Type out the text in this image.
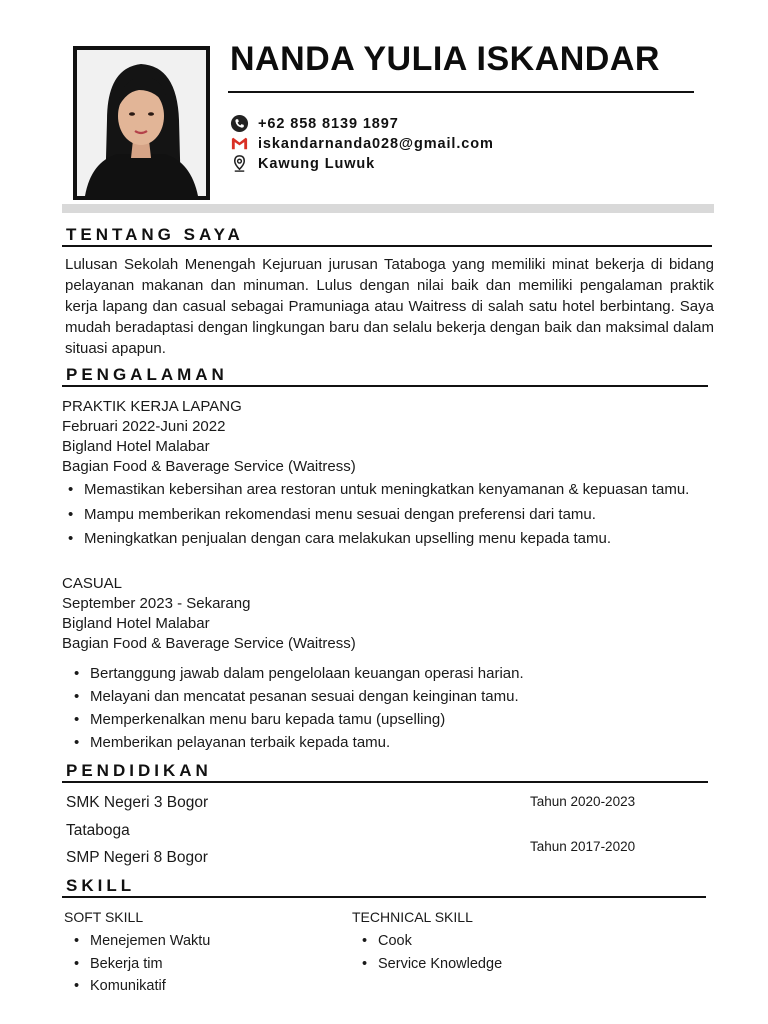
NANDA YULIA ISKANDAR
+62 858 8139 1897
iskandarnanda028@gmail.com
Kawung Luwuk
TENTANG SAYA
Lulusan Sekolah Menengah Kejuruan jurusan Tataboga yang memiliki minat bekerja di bidang pelayanan makanan dan minuman. Lulus dengan nilai baik dan memiliki pengalaman praktik kerja lapang dan casual sebagai Pramuniaga atau Waitress di salah satu hotel berbintang. Saya mudah beradaptasi dengan lingkungan baru dan selalu bekerja dengan baik dan maksimal dalam situasi apapun.
PENGALAMAN
PRAKTIK KERJA LAPANG
Februari 2022-Juni 2022
Bigland Hotel Malabar
Bagian Food & Baverage Service (Waitress)
• Memastikan kebersihan area restoran untuk meningkatkan kenyamanan & kepuasan tamu.
• Mampu memberikan rekomendasi menu sesuai dengan preferensi dari tamu.
• Meningkatkan penjualan dengan cara melakukan upselling menu kepada tamu.
CASUAL
September 2023 - Sekarang
Bigland Hotel Malabar
Bagian Food & Baverage Service (Waitress)
• Bertanggung jawab dalam pengelolaan keuangan operasi harian.
• Melayani dan mencatat pesanan sesuai dengan keinginan tamu.
• Memperkenalkan menu baru kepada tamu (upselling)
• Memberikan pelayanan terbaik kepada tamu.
PENDIDIKAN
SMK Negeri 3 Bogor	Tahun 2020-2023
Tataboga
SMP Negeri 8 Bogor
Tahun 2017-2020
SKILL
SOFT SKILL
• Menejemen Waktu
• Bekerja tim
• Komunikatif
TECHNICAL SKILL
• Cook
• Service Knowledge
